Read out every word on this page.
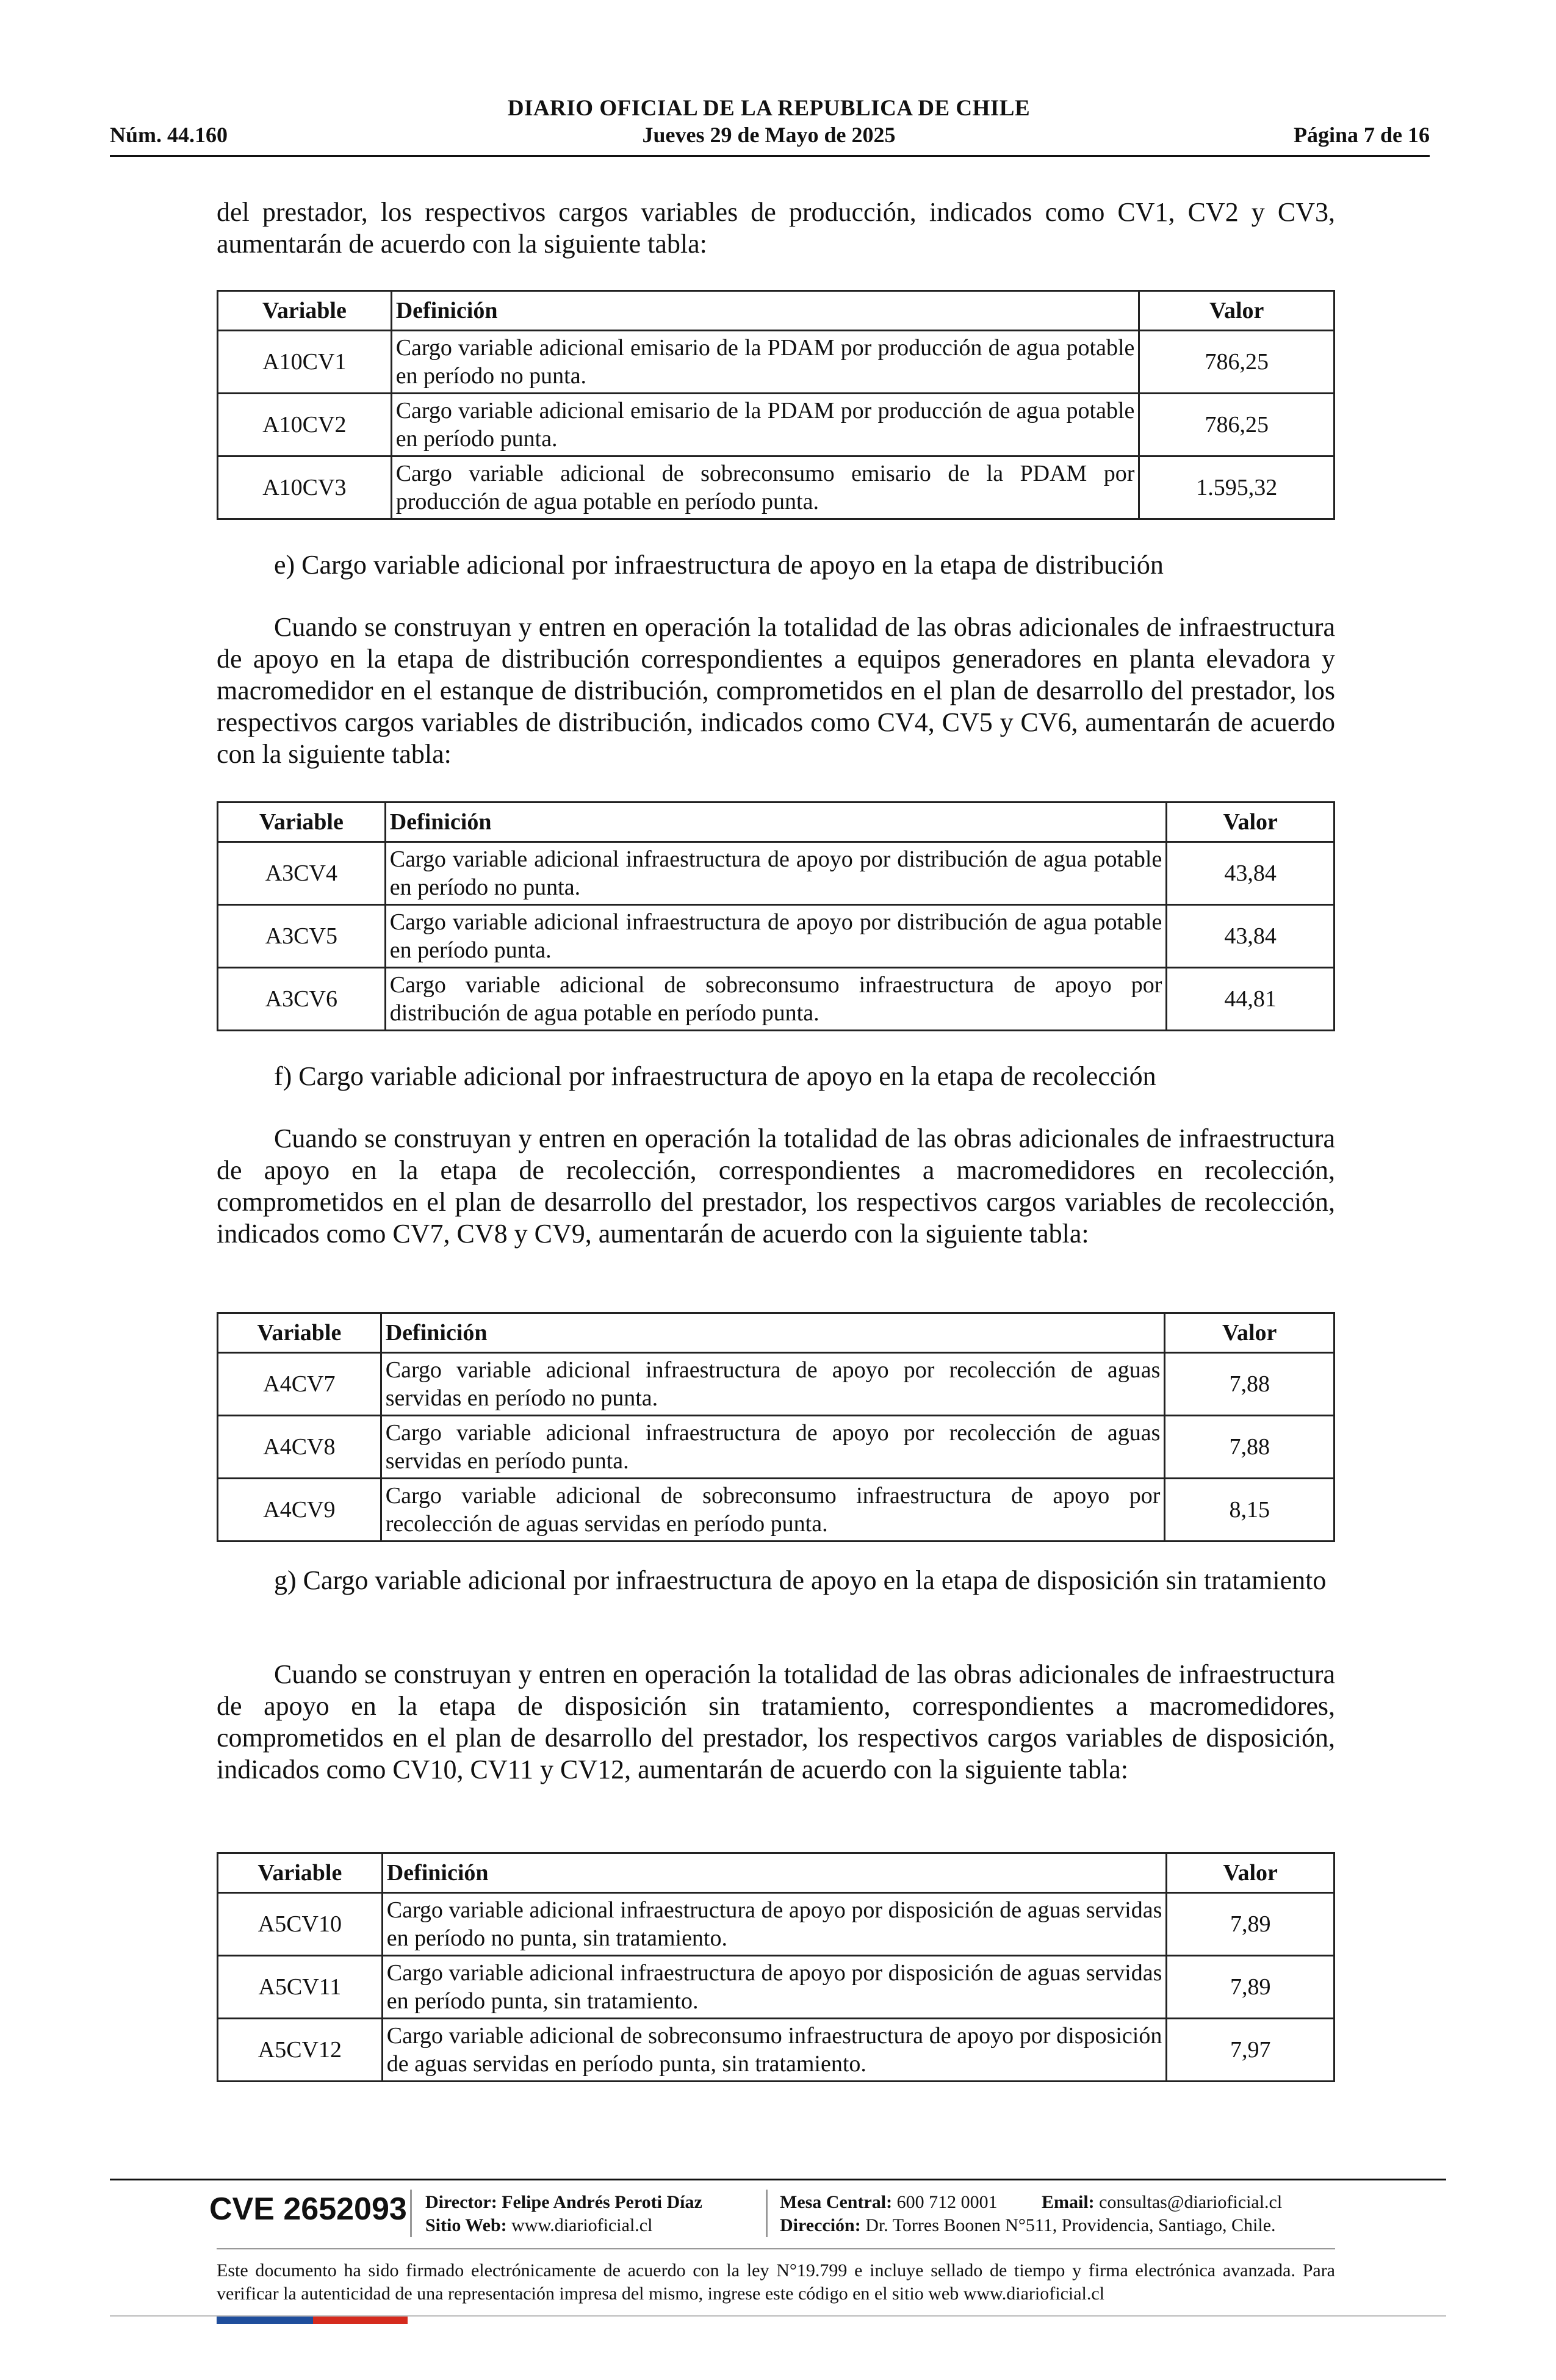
DIARIO OFICIAL DE LA REPUBLICA DE CHILE
Núm. 44.160	Jueves 29 de Mayo de 2025	Página 7 de 16

del prestador, los respectivos cargos variables de producción, indicados como CV1, CV2 y CV3, aumentarán de acuerdo con la siguiente tabla:

Variable	Definición	Valor
A10CV1	Cargo variable adicional emisario de la PDAM por producción de agua potable en período no punta.	786,25
A10CV2	Cargo variable adicional emisario de la PDAM por producción de agua potable en período punta.	786,25
A10CV3	Cargo variable adicional de sobreconsumo emisario de la PDAM por producción de agua potable en período punta.	1.595,32
e) Cargo variable adicional por infraestructura de apoyo en la etapa de distribución

Cuando se construyan y entren en operación la totalidad de las obras adicionales de infraestructura de apoyo en la etapa de distribución correspondientes a equipos generadores en planta elevadora y macromedidor en el estanque de distribución, comprometidos en el plan de desarrollo del prestador, los respectivos cargos variables de distribución, indicados como CV4, CV5 y CV6, aumentarán de acuerdo con la siguiente tabla:

Variable	Definición	Valor
A3CV4	Cargo variable adicional infraestructura de apoyo por distribución de agua potable en período no punta.	43,84
A3CV5	Cargo variable adicional infraestructura de apoyo por distribución de agua potable en período punta.	43,84
A3CV6	Cargo variable adicional de sobreconsumo infraestructura de apoyo por distribución de agua potable en período punta.	44,81
f) Cargo variable adicional por infraestructura de apoyo en la etapa de recolección

Cuando se construyan y entren en operación la totalidad de las obras adicionales de infraestructura de apoyo en la etapa de recolección, correspondientes a macromedidores en recolección, comprometidos en el plan de desarrollo del prestador, los respectivos cargos variables de recolección, indicados como CV7, CV8 y CV9, aumentarán de acuerdo con la siguiente tabla:

Variable	Definición	Valor
A4CV7	Cargo variable adicional infraestructura de apoyo por recolección de aguas servidas en período no punta.	7,88
A4CV8	Cargo variable adicional infraestructura de apoyo por recolección de aguas servidas en período punta.	7,88
A4CV9	Cargo variable adicional de sobreconsumo infraestructura de apoyo por recolección de aguas servidas en período punta.	8,15

g) Cargo variable adicional por infraestructura de apoyo en la etapa de disposición sin tratamiento

Cuando se construyan y entren en operación la totalidad de las obras adicionales de infraestructura de apoyo en la etapa de disposición sin tratamiento, correspondientes a macromedidores, comprometidos en el plan de desarrollo del prestador, los respectivos cargos variables de disposición, indicados como CV10, CV11 y CV12, aumentarán de acuerdo con la siguiente tabla:

Variable	Definición	Valor
A5CV10	Cargo variable adicional infraestructura de apoyo por disposición de aguas servidas en período no punta, sin tratamiento.	7,89
A5CV11	Cargo variable adicional infraestructura de apoyo por disposición de aguas servidas en período punta, sin tratamiento.	7,89
A5CV12	Cargo variable adicional de sobreconsumo infraestructura de apoyo por disposición de aguas servidas en período punta, sin tratamiento.	7,97
CVE 2652093 Director: Felipe Andrés Peroti Díaz
Sitio Web: www.diarioficial.cl
Mesa Central: 600 712 0001 Email: consultas@diarioficial.cl
Dirección: Dr. Torres Boonen N°511, Providencia, Santiago, Chile.
Este documento ha sido firmado electrónicamente de acuerdo con la ley N°19.799 e incluye sellado de tiempo y firma electrónica avanzada. Para verificar la autenticidad de una representación impresa del mismo, ingrese este código en el sitio web www.diarioficial.cl
